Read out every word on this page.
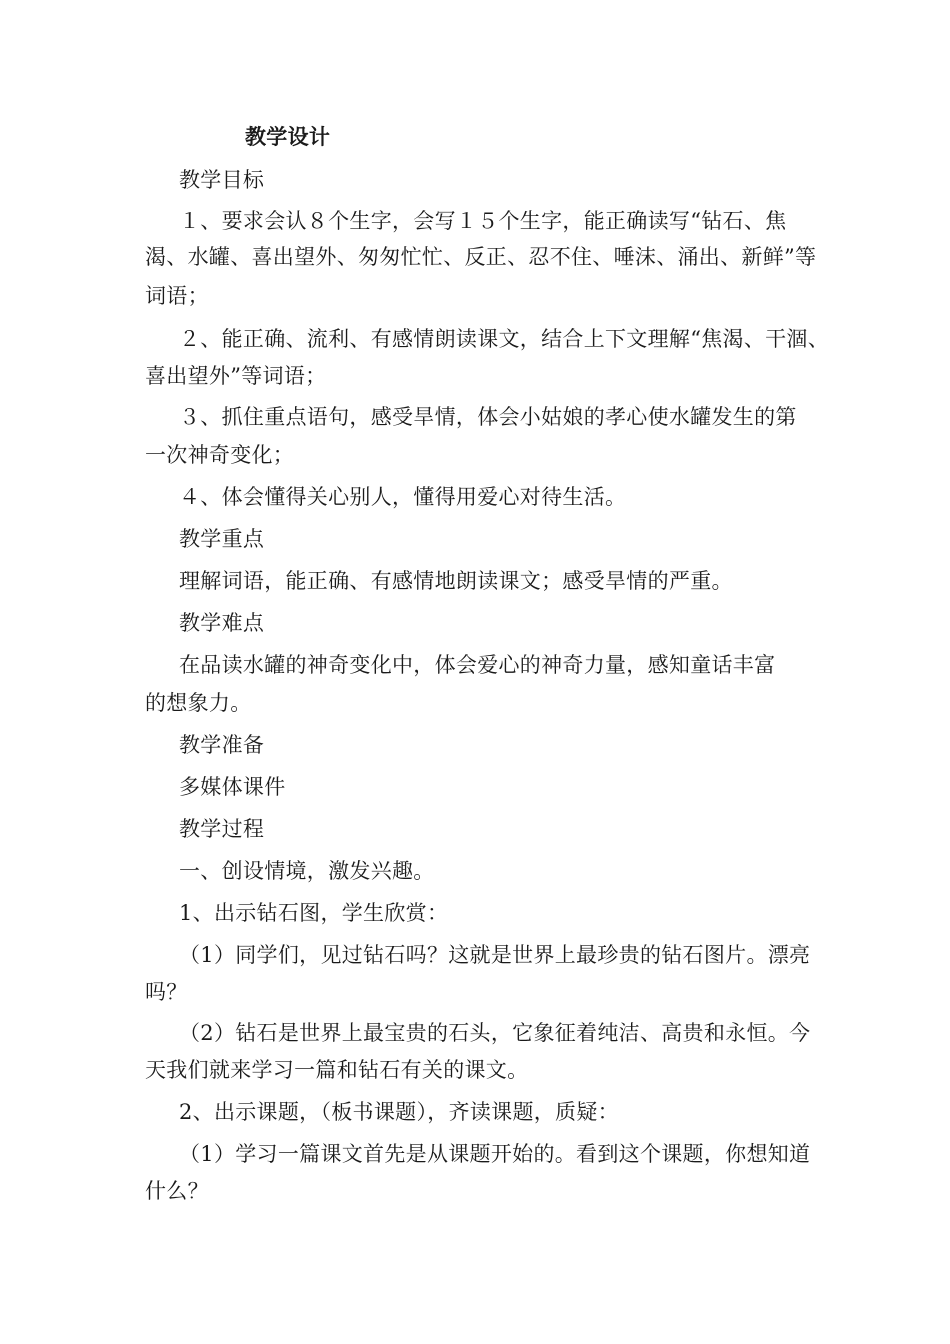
教学设计
教学目标
１、要求会认８个生字，会写１５个生字，能正确读写“钻石、焦
渴、水罐、喜出望外、匆匆忙忙、反正、忍不住、唾沫、涌出、新鲜”等
词语；
２、能正确、流利、有感情朗读课文，结合上下文理解“焦渴、干涸、
喜出望外”等词语；
３、抓住重点语句，感受旱情，体会小姑娘的孝心使水罐发生的第
一次神奇变化；
４、体会懂得关心别人，懂得用爱心对待生活。
教学重点
理解词语，能正确、有感情地朗读课文；感受旱情的严重。
教学难点
在品读水罐的神奇变化中，体会爱心的神奇力量，感知童话丰富
的想象力。
教学准备
多媒体课件
教学过程
一、创设情境，激发兴趣。
1、出示钻石图，学生欣赏：
（1）同学们，见过钻石吗？这就是世界上最珍贵的钻石图片。漂亮
吗？
（2）钻石是世界上最宝贵的石头，它象征着纯洁、高贵和永恒。今
天我们就来学习一篇和钻石有关的课文。
2、出示课题，（板书课题），齐读课题，质疑：
（1）学习一篇课文首先是从课题开始的。看到这个课题，你想知道
什么？
